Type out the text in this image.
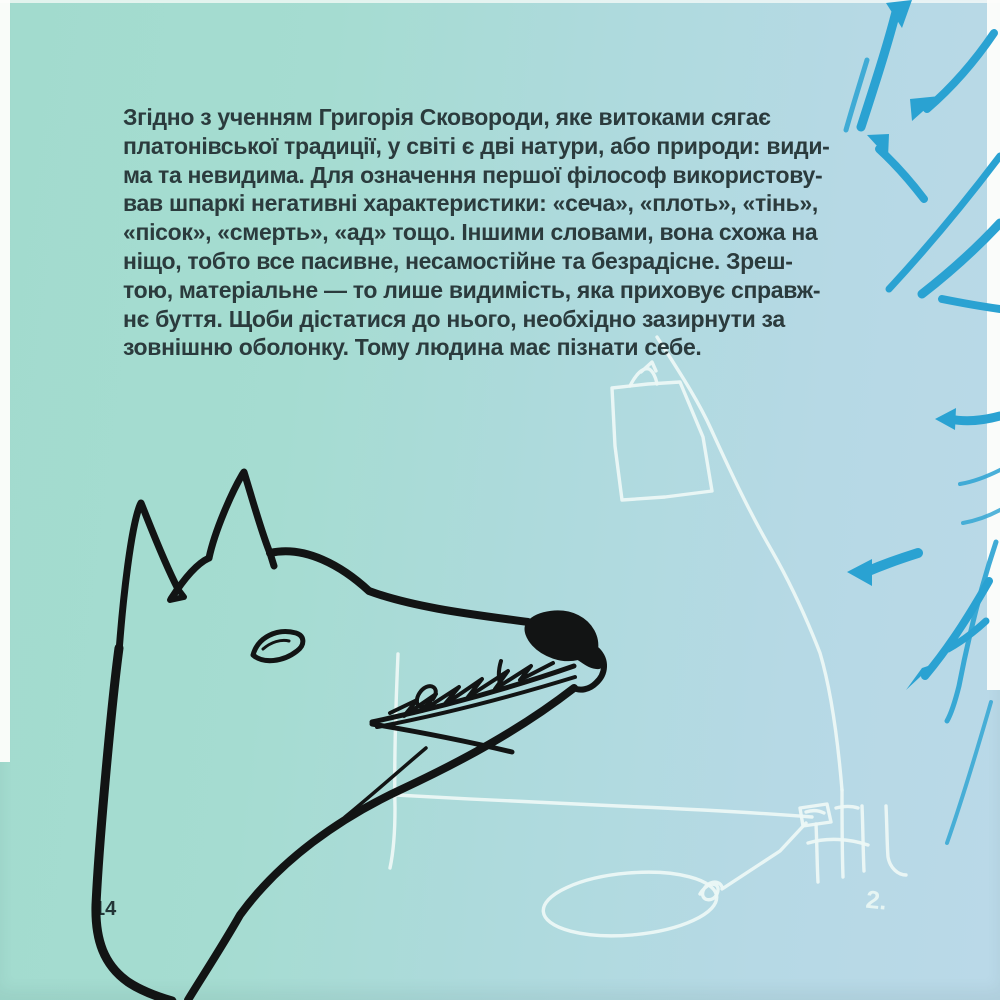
14	2.
Згідно з ученням Григорія Сковороди, яке витоками сягає
платонівської традиції, у світі є дві натури, або природи: види-
ма та невидима. Для означення першої філософ використову-
вав шпаркі негативні характеристики: «сеча», «плоть», «тінь»,
«пісок», «смерть», «ад» тощо. Іншими словами, вона схожа на
ніщо, тобто все пасивне, несамостійне та безрадісне. Зреш-
тою, матеріальне — то лише видимість, яка приховує справж-
нє буття. Щоби дістатися до нього, необхідно зазирнути за
зовнішню оболонку. Тому людина має пізнати себе.
